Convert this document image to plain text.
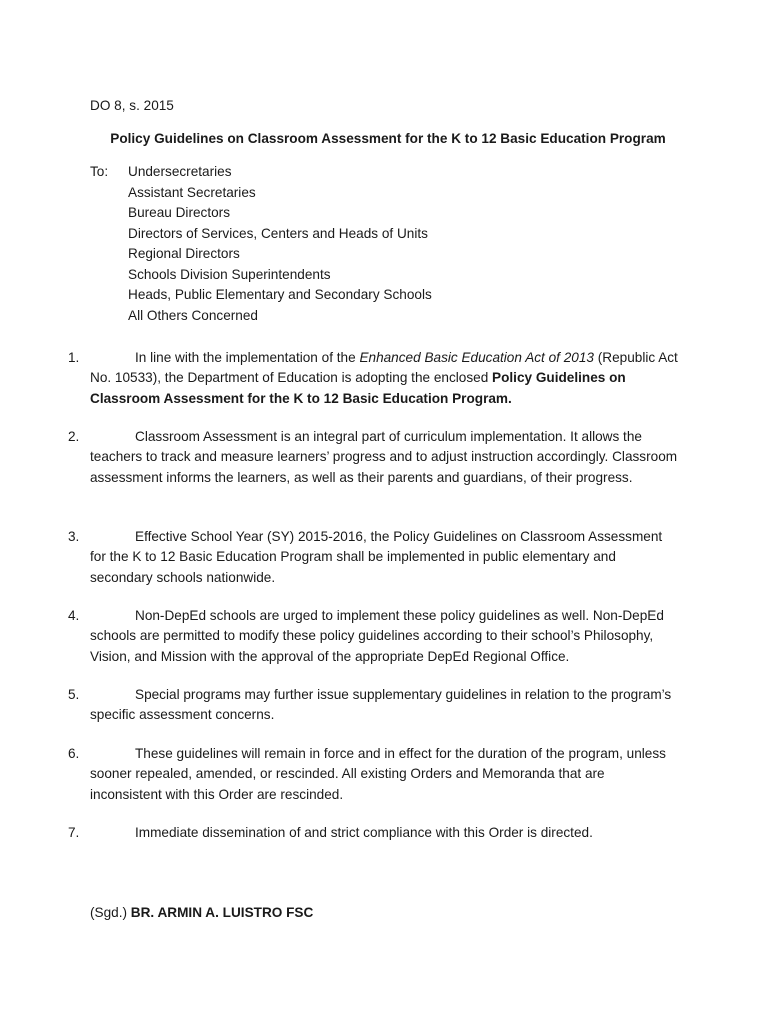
DO 8, s. 2015
Policy Guidelines on Classroom Assessment for the K to 12 Basic Education Program
To:	Undersecretaries
Assistant Secretaries
Bureau Directors
Directors of Services, Centers and Heads of Units
Regional Directors
Schools Division Superintendents
Heads, Public Elementary and Secondary Schools
All Others Concerned
1.	In line with the implementation of the Enhanced Basic Education Act of 2013 (Republic Act No. 10533), the Department of Education is adopting the enclosed Policy Guidelines on Classroom Assessment for the K to 12 Basic Education Program.
2.	Classroom Assessment is an integral part of curriculum implementation. It allows the teachers to track and measure learners’ progress and to adjust instruction accordingly. Classroom assessment informs the learners, as well as their parents and guardians, of their progress.
3.	Effective School Year (SY) 2015-2016, the Policy Guidelines on Classroom Assessment for the K to 12 Basic Education Program shall be implemented in public elementary and secondary schools nationwide.
4.	Non-DepEd schools are urged to implement these policy guidelines as well. Non-DepEd schools are permitted to modify these policy guidelines according to their school’s Philosophy, Vision, and Mission with the approval of the appropriate DepEd Regional Office.
5.	Special programs may further issue supplementary guidelines in relation to the program’s specific assessment concerns.
6.	These guidelines will remain in force and in effect for the duration of the program, unless sooner repealed, amended, or rescinded. All existing Orders and Memoranda that are inconsistent with this Order are rescinded.
7.	Immediate dissemination of and strict compliance with this Order is directed.
(Sgd.) BR. ARMIN A. LUISTRO FSC
